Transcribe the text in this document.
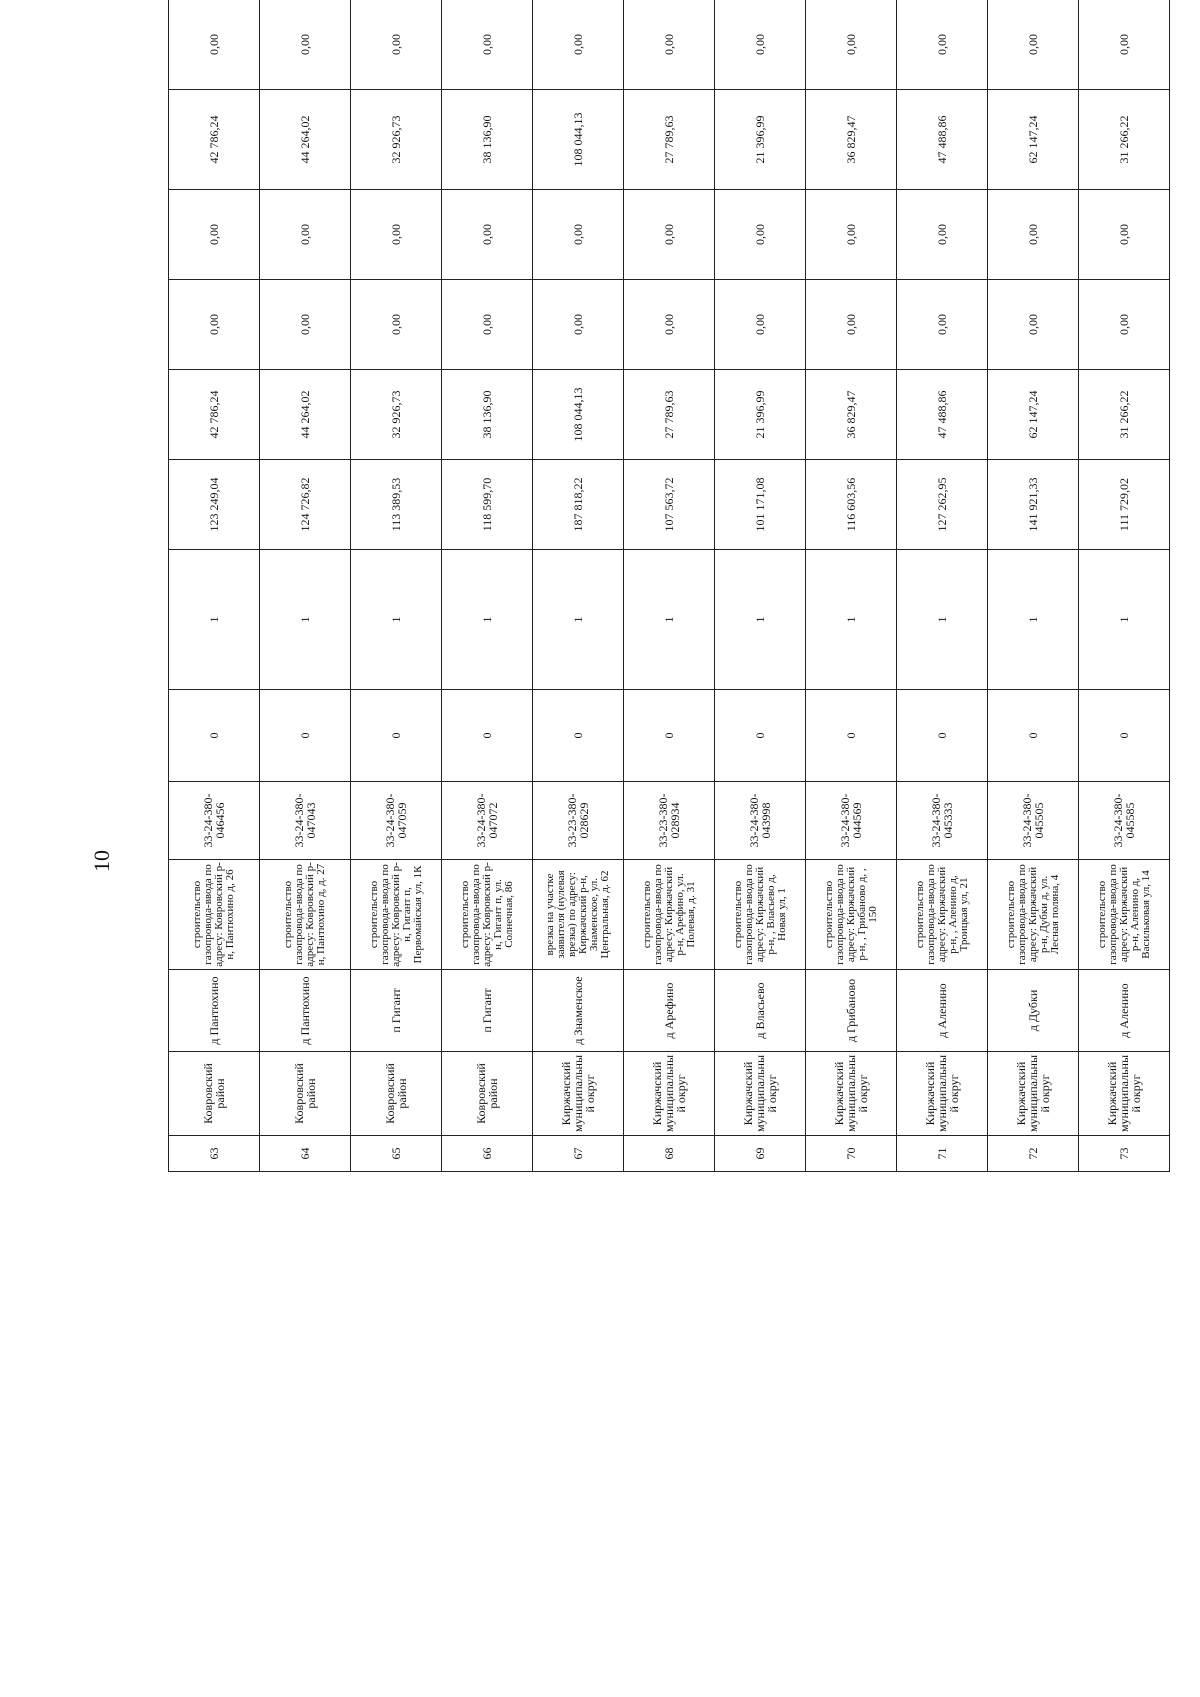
10
63	Ковровский район	д Пантюхино	строительство газопровода-ввода по адресу: Ковровский р-н, Пантюхино д, 26	33-24-380-046456	0	1	123 249,04	42 786,24	0,00	0,00	42 786,24	0,00
64	Ковровский район	д Пантюхино	строительство газопровода-ввода по адресу: Ковровский р-н, Пантюхино д, д. 27	33-24-380-047043	0	1	124 726,82	44 264,02	0,00	0,00	44 264,02	0,00
65	Ковровский район	п Гигант	строительство газопровода-ввода по адресу: Ковровский р-н, Гигант п, Первомайская ул, 1К	33-24-380-047059	0	1	113 389,53	32 926,73	0,00	0,00	32 926,73	0,00
66	Ковровский район	п Гигант	строительство газопровода-ввода по адресу: Ковровский р-н, Гигант п, ул. Солнечная, 86	33-24-380-047072	0	1	118 599,70	38 136,90	0,00	0,00	38 136,90	0,00
67	Киржачский муниципальный округ	д Знаменское	врезка на участке заявителя (нулевая врезка) по адресу: Киржачский р-н, Знаменское, ул. Центральная, д. 62	33-23-380-028629	0	1	187 818,22	108 044,13	0,00	0,00	108 044,13	0,00
68	Киржачский муниципальный округ	д Арефино	строительство газопровода-ввода по адресу: Киржачский р-н, Арефино, ул. Полевая, д. 31	33-23-380-028934	0	1	107 563,72	27 789,63	0,00	0,00	27 789,63	0,00
69	Киржачский муниципальный округ	д Власьево	строительство газопровода-ввода по адресу: Киржачский р-н, , Власьево д, Новая ул, 1	33-24-380-043998	0	1	101 171,08	21 396,99	0,00	0,00	21 396,99	0,00
70	Киржачский муниципальный округ	д Грибаново	строительство газопровода-ввода по адресу: Киржачский р-н, , Грибаново д, , 150	33-24-380-044569	0	1	116 603,56	36 829,47	0,00	0,00	36 829,47	0,00
71	Киржачский муниципальный округ	д Аленино	строительство газопровода-ввода по адресу: Киржачский р-н, , Аленино д, Троицкая ул, 21	33-24-380-045333	0	1	127 262,95	47 488,86	0,00	0,00	47 488,86	0,00
72	Киржачский муниципальный округ	д Дубки	строительство газопровода-ввода по адресу: Киржачский р-н, Дубки д, ул. Лесная поляна, 4	33-24-380-045505	0	1	141 921,33	62 147,24	0,00	0,00	62 147,24	0,00
73	Киржачский муниципальный округ	д Аленино	строительство газопровода-ввода по адресу: Киржачский р-н, Аленино д, Васильковая ул, 14	33-24-380-045585	0	1	111 729,02	31 266,22	0,00	0,00	31 266,22	0,00
